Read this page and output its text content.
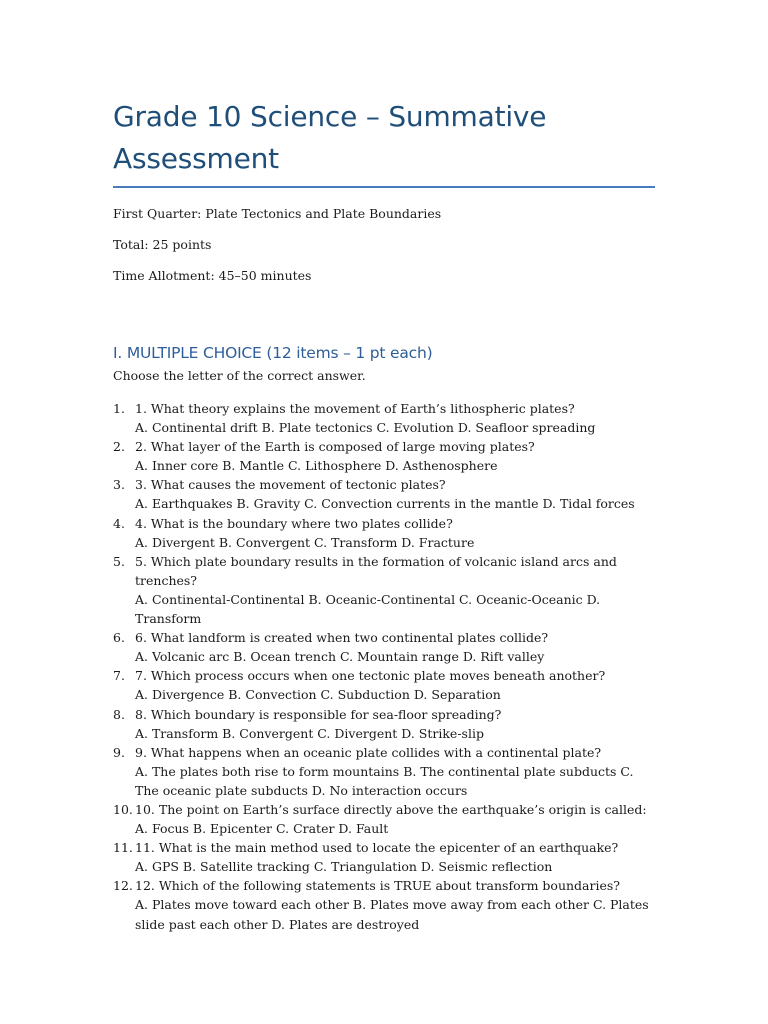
Grade 10 Science – Summative Assessment

First Quarter: Plate Tectonics and Plate Boundaries

Total: 25 points

Time Allotment: 45–50 minutes

I. MULTIPLE CHOICE (12 items – 1 pt each)

Choose the letter of the correct answer.

1. 1. What theory explains the movement of Earth’s lithospheric plates?
A. Continental drift B. Plate tectonics C. Evolution D. Seafloor spreading
2. 2. What layer of the Earth is composed of large moving plates?
A. Inner core B. Mantle C. Lithosphere D. Asthenosphere
3. 3. What causes the movement of tectonic plates?
A. Earthquakes B. Gravity C. Convection currents in the mantle D. Tidal forces
4. 4. What is the boundary where two plates collide?
A. Divergent B. Convergent C. Transform D. Fracture
5. 5. Which plate boundary results in the formation of volcanic island arcs and trenches?
A. Continental-Continental B. Oceanic-Continental C. Oceanic-Oceanic D. Transform
6. 6. What landform is created when two continental plates collide?
A. Volcanic arc B. Ocean trench C. Mountain range D. Rift valley
7. 7. Which process occurs when one tectonic plate moves beneath another?
A. Divergence B. Convection C. Subduction D. Separation
8. 8. Which boundary is responsible for sea-floor spreading?
A. Transform B. Convergent C. Divergent D. Strike-slip
9. 9. What happens when an oceanic plate collides with a continental plate?
A. The plates both rise to form mountains B. The continental plate subducts C. The oceanic plate subducts D. No interaction occurs
10. 10. The point on Earth’s surface directly above the earthquake’s origin is called:
A. Focus B. Epicenter C. Crater D. Fault
11. 11. What is the main method used to locate the epicenter of an earthquake?
A. GPS B. Satellite tracking C. Triangulation D. Seismic reflection
12. 12. Which of the following statements is TRUE about transform boundaries?
A. Plates move toward each other B. Plates move away from each other C. Plates slide past each other D. Plates are destroyed
